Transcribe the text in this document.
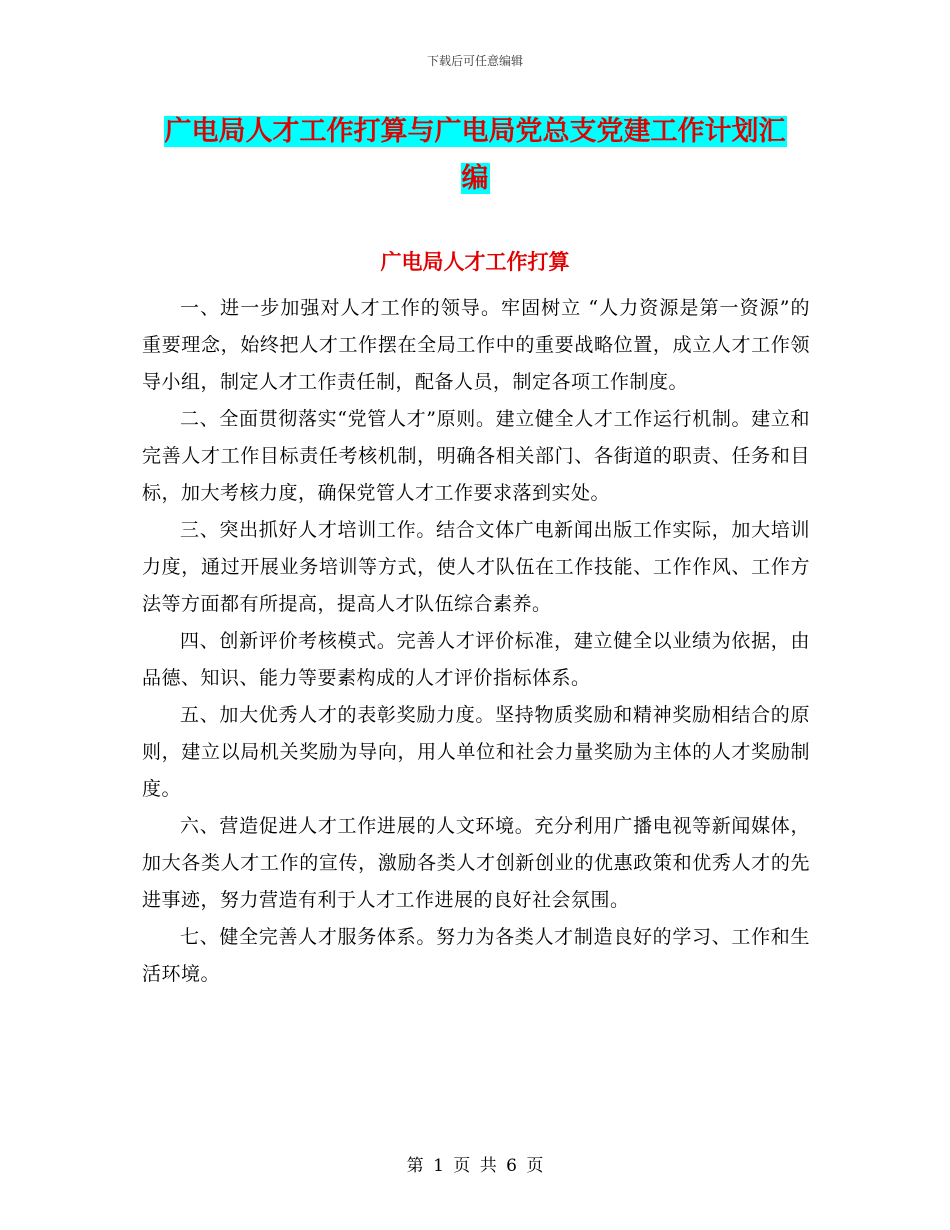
下载后可任意编辑
广电局人才工作打算与广电局党总支党建工作计划汇
编
广电局人才工作打算

一、进一步加强对人才工作的领导。牢固树立 “人力资源是第一资源”的重要理念，始终把人才工作摆在全局工作中的重要战略位置，成立人才工作领导小组，制定人才工作责任制，配备人员，制定各项工作制度。

二、全面贯彻落实“党管人才”原则。建立健全人才工作运行机制。建立和完善人才工作目标责任考核机制，明确各相关部门、各街道的职责、任务和目标，加大考核力度，确保党管人才工作要求落到实处。

三、突出抓好人才培训工作。结合文体广电新闻出版工作实际，加大培训力度，通过开展业务培训等方式，使人才队伍在工作技能、工作作风、工作方法等方面都有所提高，提高人才队伍综合素养。

四、创新评价考核模式。完善人才评价标准，建立健全以业绩为依据，由品德、知识、能力等要素构成的人才评价指标体系。

五、加大优秀人才的表彰奖励力度。坚持物质奖励和精神奖励相结合的原则，建立以局机关奖励为导向，用人单位和社会力量奖励为主体的人才奖励制度。

六、营造促进人才工作进展的人文环境。充分利用广播电视等新闻媒体，加大各类人才工作的宣传，激励各类人才创新创业的优惠政策和优秀人才的先进事迹，努力营造有利于人才工作进展的良好社会氛围。

七、健全完善人才服务体系。努力为各类人才制造良好的学习、工作和生活环境。

第 1 页 共 6 页
